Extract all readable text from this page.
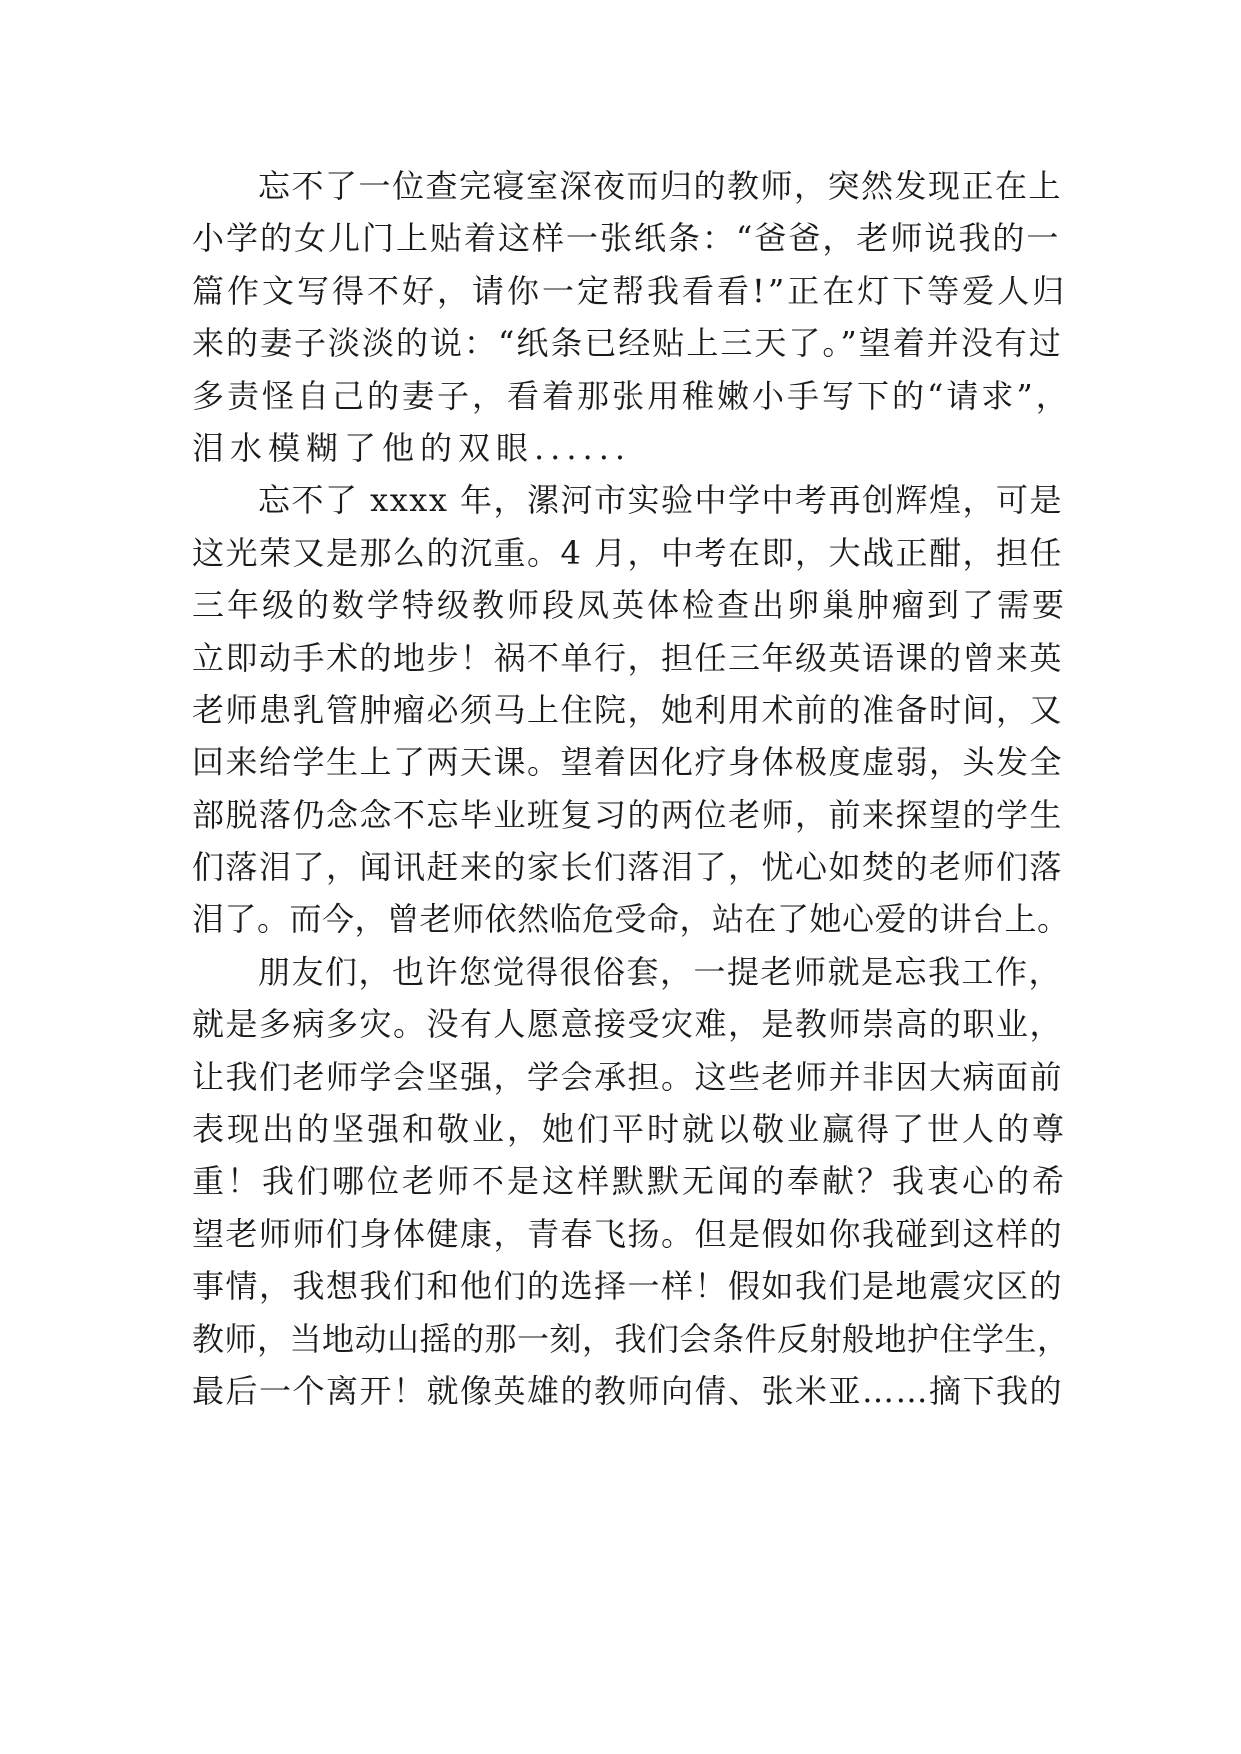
忘不了一位查完寝室深夜而归的教师，突然发现正在上
小学的女儿门上贴着这样一张纸条：“爸爸，老师说我的一
篇作文写得不好，请你一定帮我看看!”正在灯下等爱人归
来的妻子淡淡的说：“纸条已经贴上三天了。”望着并没有过
多责怪自己的妻子，看着那张用稚嫩小手写下的“请求”，
泪水模糊了他的双眼......
忘不了 xxxx 年，漯河市实验中学中考再创辉煌，可是
这光荣又是那么的沉重。4 月，中考在即，大战正酣，担任
三年级的数学特级教师段凤英体检查出卵巢肿瘤到了需要
立即动手术的地步！祸不单行，担任三年级英语课的曾来英
老师患乳管肿瘤必须马上住院，她利用术前的准备时间，又
回来给学生上了两天课。望着因化疗身体极度虚弱，头发全
部脱落仍念念不忘毕业班复习的两位老师，前来探望的学生
们落泪了，闻讯赶来的家长们落泪了，忧心如焚的老师们落
泪了。而今，曾老师依然临危受命，站在了她心爱的讲台上。
朋友们，也许您觉得很俗套，一提老师就是忘我工作，
就是多病多灾。没有人愿意接受灾难，是教师崇高的职业，
让我们老师学会坚强，学会承担。这些老师并非因大病面前
表现出的坚强和敬业，她们平时就以敬业赢得了世人的尊
重！我们哪位老师不是这样默默无闻的奉献？我衷心的希
望老师师们身体健康，青春飞扬。但是假如你我碰到这样的
事情，我想我们和他们的选择一样！假如我们是地震灾区的
教师，当地动山摇的那一刻，我们会条件反射般地护住学生，
最后一个离开！就像英雄的教师向倩、张米亚……摘下我的
